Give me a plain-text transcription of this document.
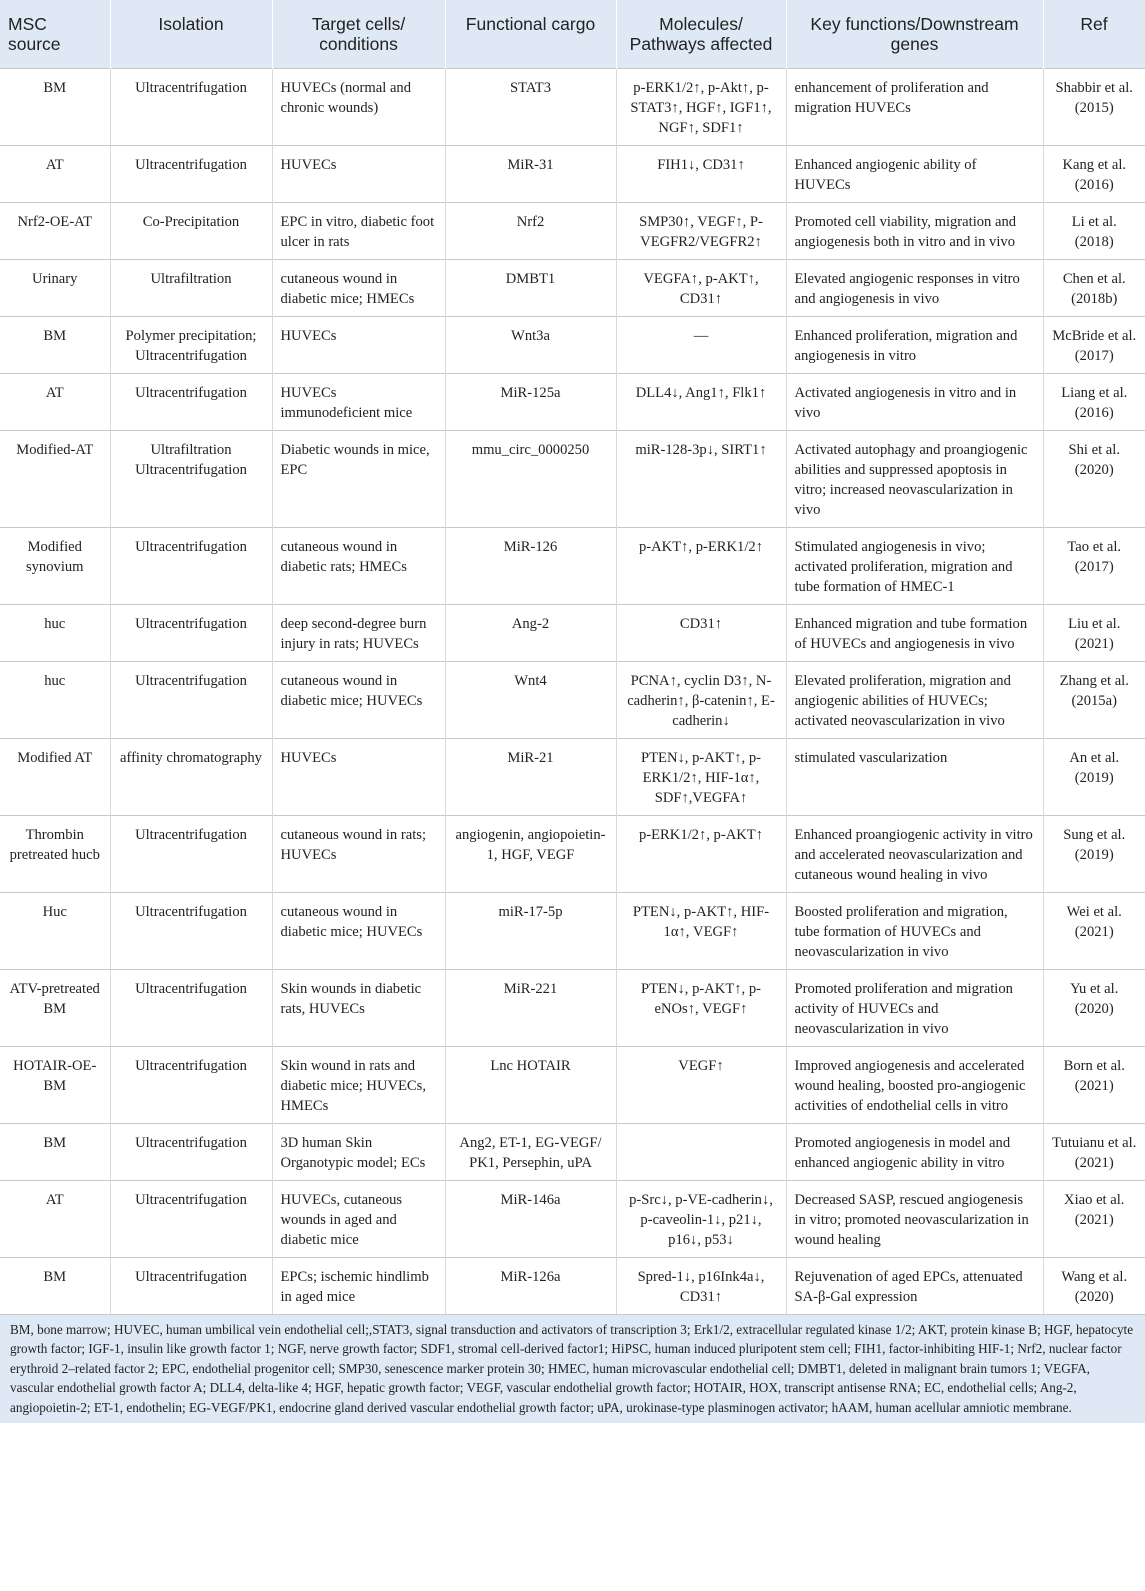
MSC source	Isolation	Target cells/ conditions	Functional cargo	Molecules/ Pathways affected	Key functions/Downstream genes	Ref
BM	Ultracentrifugation	HUVECs (normal and chronic wounds)	STAT3	p-ERK1/2↑, p-Akt↑, p-STAT3↑, HGF↑, IGF1↑, NGF↑, SDF1↑	enhancement of proliferation and migration HUVECs	Shabbir et al. (2015)
AT	Ultracentrifugation	HUVECs	MiR-31	FIH1↓, CD31↑	Enhanced angiogenic ability of HUVECs	Kang et al. (2016)
Nrf2-OE-AT	Co-Precipitation	EPC in vitro, diabetic foot ulcer in rats	Nrf2	SMP30↑, VEGF↑, P-VEGFR2/VEGFR2↑	Promoted cell viability, migration and angiogenesis both in vitro and in vivo	Li et al. (2018)
Urinary	Ultrafiltration	cutaneous wound in diabetic mice; HMECs	DMBT1	VEGFA↑, p-AKT↑, CD31↑	Elevated angiogenic responses in vitro and angiogenesis in vivo	Chen et al. (2018b)
BM	Polymer precipitation; Ultracentrifugation	HUVECs	Wnt3a	—	Enhanced proliferation, migration and angiogenesis in vitro	McBride et al. (2017)
AT	Ultracentrifugation	HUVECs immunodeficient mice	MiR-125a	DLL4↓, Ang1↑, Flk1↑	Activated angiogenesis in vitro and in vivo	Liang et al. (2016)
Modified-AT	Ultrafiltration Ultracentrifugation	Diabetic wounds in mice, EPC	mmu_circ_0000250	miR-128-3p↓, SIRT1↑	Activated autophagy and proangiogenic abilities and suppressed apoptosis in vitro; increased neovascularization in vivo	Shi et al. (2020)
Modified synovium	Ultracentrifugation	cutaneous wound in diabetic rats; HMECs	MiR-126	p-AKT↑, p-ERK1/2↑	Stimulated angiogenesis in vivo; activated proliferation, migration and tube formation of HMEC-1	Tao et al. (2017)
huc	Ultracentrifugation	deep second-degree burn injury in rats; HUVECs	Ang-2	CD31↑	Enhanced migration and tube formation of HUVECs and angiogenesis in vivo	Liu et al. (2021)
huc	Ultracentrifugation	cutaneous wound in diabetic mice; HUVECs	Wnt4	PCNA↑, cyclin D3↑, N-cadherin↑, β-catenin↑, E-cadherin↓	Elevated proliferation, migration and angiogenic abilities of HUVECs; activated neovascularization in vivo	Zhang et al. (2015a)
Modified AT	affinity chromatography	HUVECs	MiR-21	PTEN↓, p-AKT↑, p-ERK1/2↑, HIF-1α↑, SDF↑,VEGFA↑	stimulated vascularization	An et al. (2019)
Thrombin pretreated hucb	Ultracentrifugation	cutaneous wound in rats; HUVECs	angiogenin, angiopoietin-1, HGF, VEGF	p-ERK1/2↑, p-AKT↑	Enhanced proangiogenic activity in vitro and accelerated neovascularization and cutaneous wound healing in vivo	Sung et al. (2019)
Huc	Ultracentrifugation	cutaneous wound in diabetic mice; HUVECs	miR-17-5p	PTEN↓, p-AKT↑, HIF-1α↑, VEGF↑	Boosted proliferation and migration, tube formation of HUVECs and neovascularization in vivo	Wei et al. (2021)
ATV-pretreated BM	Ultracentrifugation	Skin wounds in diabetic rats, HUVECs	MiR-221	PTEN↓, p-AKT↑, p-eNOs↑, VEGF↑	Promoted proliferation and migration activity of HUVECs and neovascularization in vivo	Yu et al. (2020)
HOTAIR-OE-BM	Ultracentrifugation	Skin wound in rats and diabetic mice; HUVECs, HMECs	Lnc HOTAIR	VEGF↑	Improved angiogenesis and accelerated wound healing, boosted pro-angiogenic activities of endothelial cells in vitro	Born et al. (2021)
BM	Ultracentrifugation	3D human Skin Organotypic model; ECs	Ang2, ET-1, EG-VEGF/ PK1, Persephin, uPA		Promoted angiogenesis in model and enhanced angiogenic ability in vitro	Tutuianu et al. (2021)
AT	Ultracentrifugation	HUVECs, cutaneous wounds in aged and diabetic mice	MiR-146a	p-Src↓, p-VE-cadherin↓, p-caveolin-1↓, p21↓, p16↓, p53↓	Decreased SASP, rescued angiogenesis in vitro; promoted neovascularization in wound healing	Xiao et al. (2021)
BM	Ultracentrifugation	EPCs; ischemic hindlimb in aged mice	MiR-126a	Spred-1↓, p16Ink4a↓, CD31↑	Rejuvenation of aged EPCs, attenuated SA-β-Gal expression	Wang et al. (2020)
BM, bone marrow; HUVEC, human umbilical vein endothelial cell;,STAT3, signal transduction and activators of transcription 3; Erk1/2, extracellular regulated kinase 1/2; AKT, protein kinase B; HGF, hepatocyte growth factor; IGF-1, insulin like growth factor 1; NGF, nerve growth factor; SDF1, stromal cell-derived factor1; HiPSC, human induced pluripotent stem cell; FIH1, factor-inhibiting HIF-1; Nrf2, nuclear factor erythroid 2–related factor 2; EPC, endothelial progenitor cell; SMP30, senescence marker protein 30; HMEC, human microvascular endothelial cell; DMBT1, deleted in malignant brain tumors 1; VEGFA, vascular endothelial growth factor A; DLL4, delta-like 4; HGF, hepatic growth factor; VEGF, vascular endothelial growth factor; HOTAIR, HOX, transcript antisense RNA; EC, endothelial cells; Ang-2, angiopoietin-2; ET-1, endothelin; EG-VEGF/PK1, endocrine gland derived vascular endothelial growth factor; uPA, urokinase-type plasminogen activator; hAAM, human acellular amniotic membrane.
